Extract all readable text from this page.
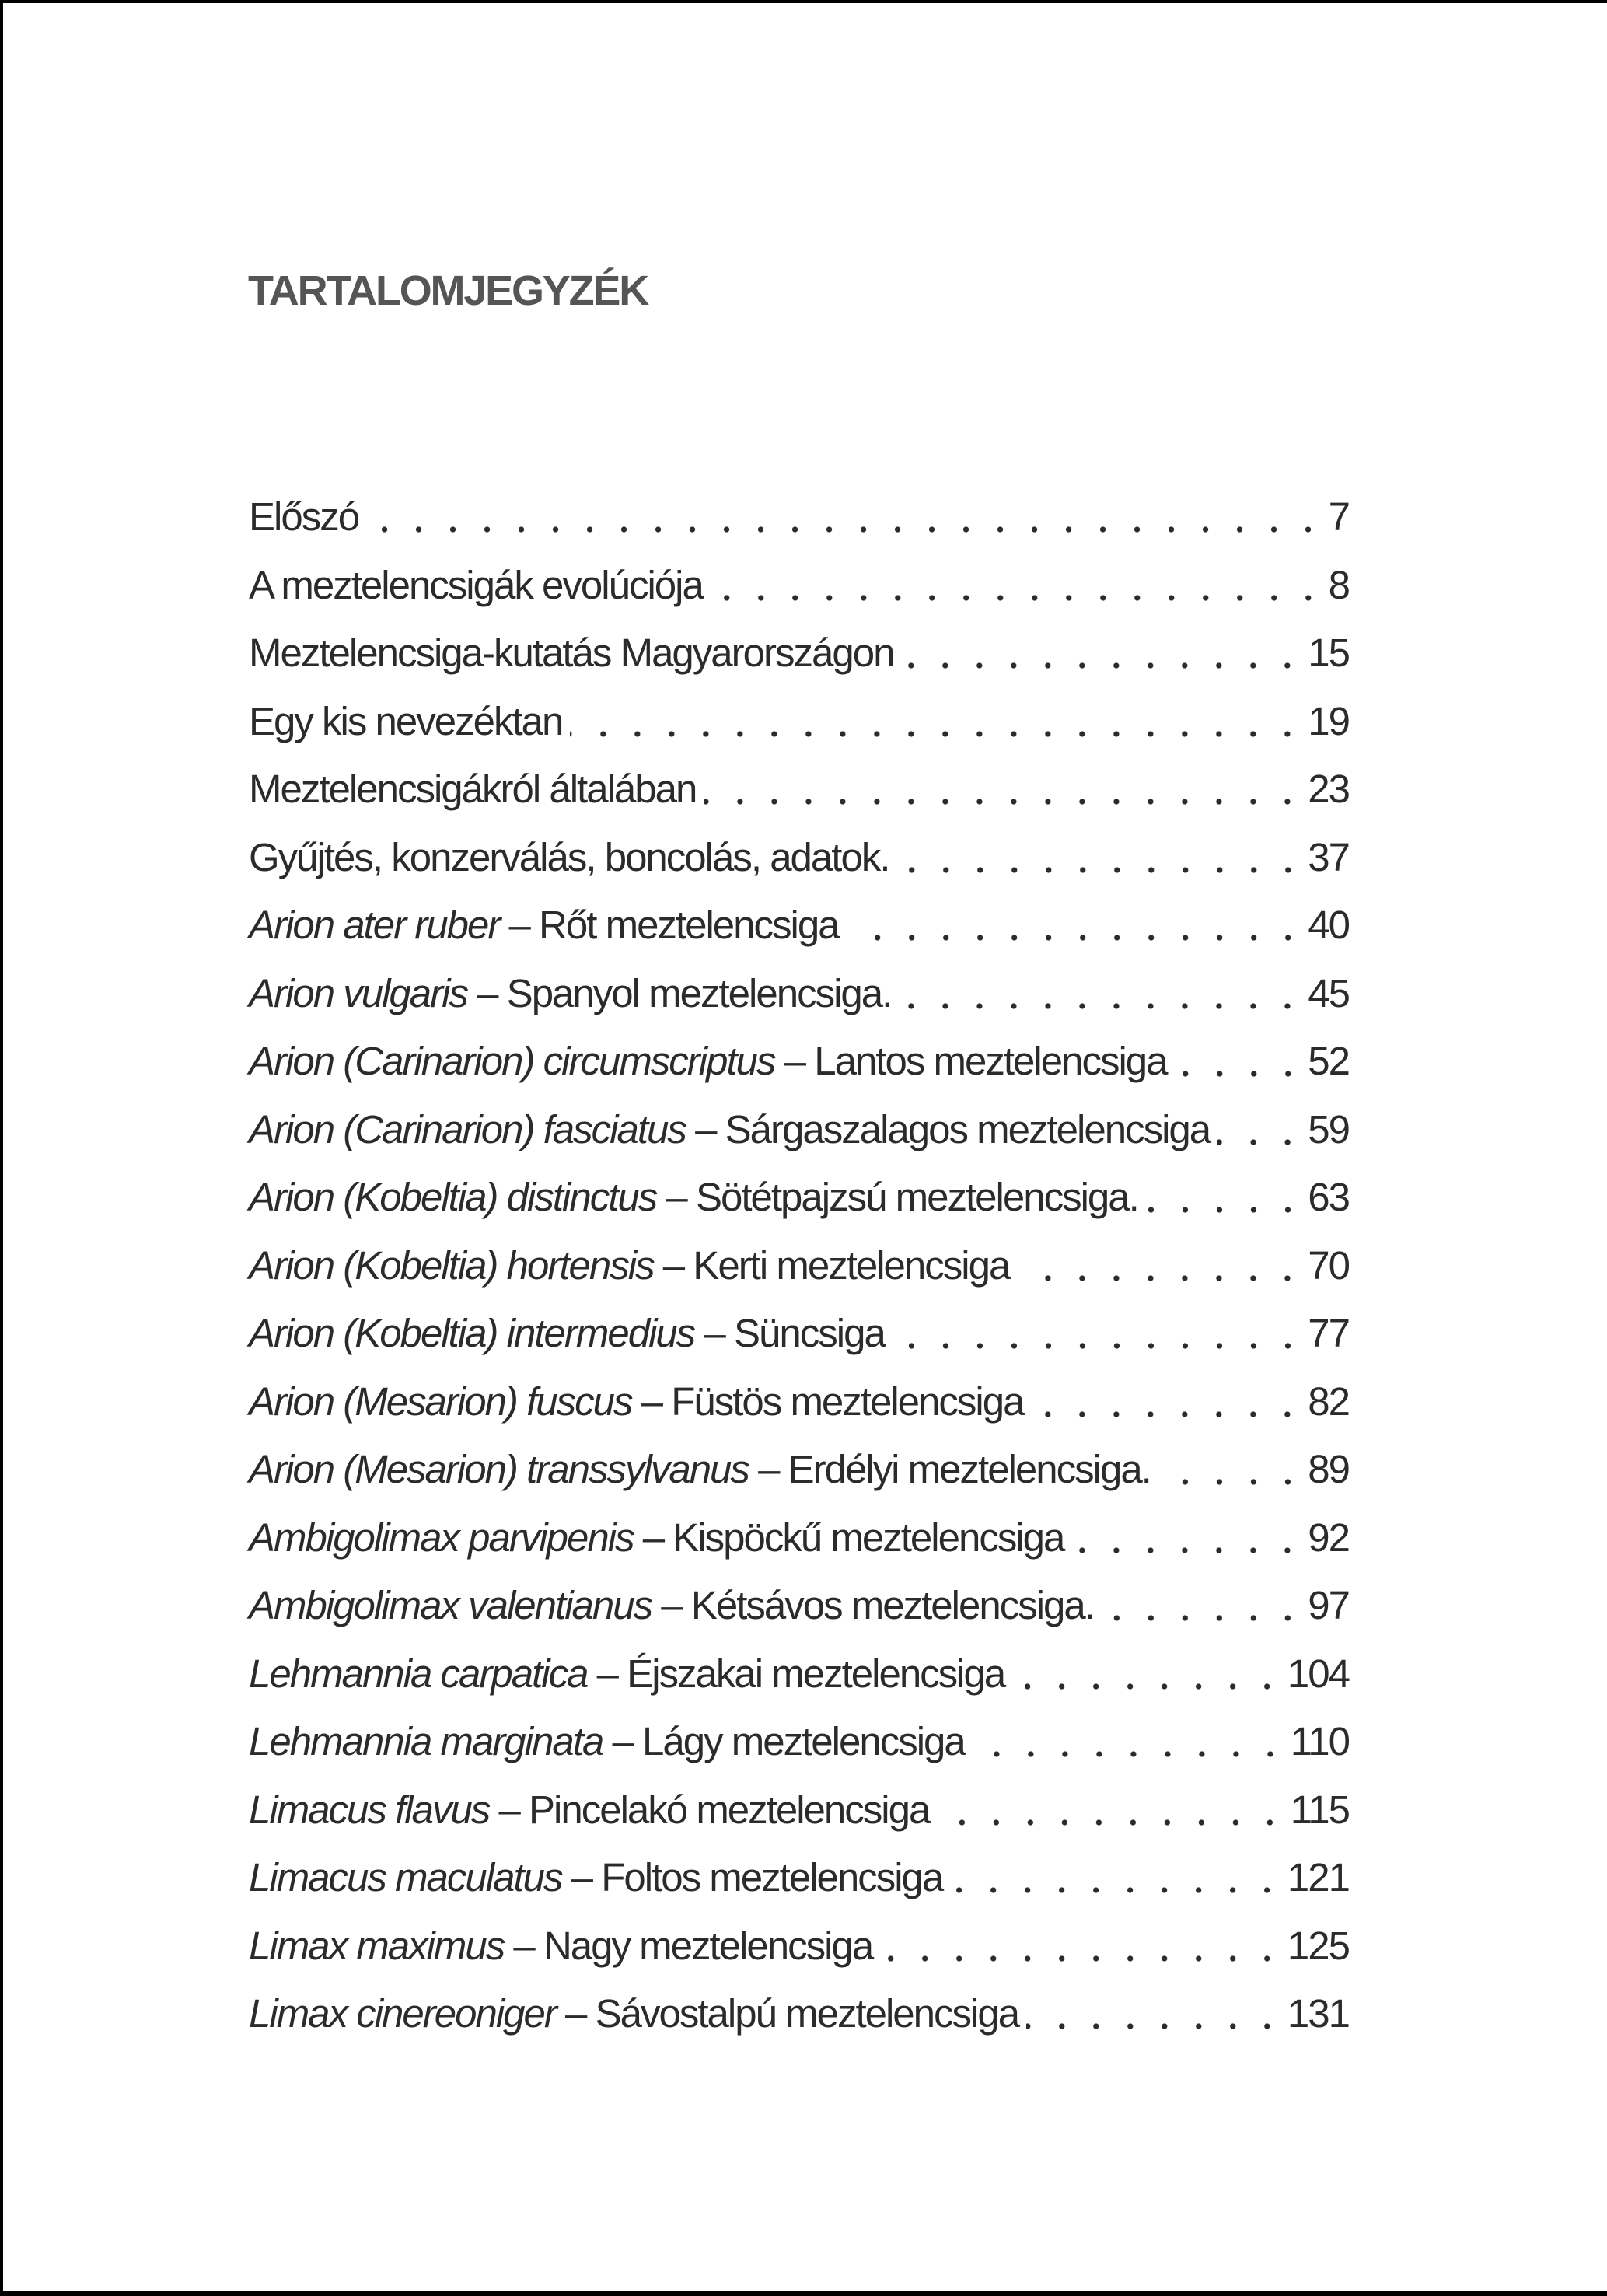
TARTALOMJEGYZÉK
Előszó	7
A meztelencsigák evolúciója	8
Meztelencsiga-kutatás Magyarországon	15
Egy kis nevezéktan	19
Meztelencsigákról általában	23
Gyűjtés, konzerválás, boncolás, adatok.	37
Arion ater ruber – Rőt meztelencsiga	40
Arion vulgaris – Spanyol meztelencsiga.	45
Arion (Carinarion) circumscriptus – Lantos meztelencsiga	52
Arion (Carinarion) fasciatus – Sárgaszalagos meztelencsiga 59
Arion (Kobeltia) distinctus – Sötétpajzsú meztelencsiga.	63
Arion (Kobeltia) hortensis – Kerti meztelencsiga	70
Arion (Kobeltia) intermedius – Süncsiga	77
Arion (Mesarion) fuscus – Füstös meztelencsiga	82
Arion (Mesarion) transsylvanus – Erdélyi meztelencsiga.	89
Ambigolimax parvipenis – Kispöckű meztelencsiga	92
Ambigolimax valentianus – Kétsávos meztelencsiga.	97
Lehmannia carpatica – Éjszakai meztelencsiga	104
Lehmannia marginata – Lágy meztelencsiga	110
Limacus flavus – Pincelakó meztelencsiga	115
Limacus maculatus – Foltos meztelencsiga	121
Limax maximus – Nagy meztelencsiga	125
Limax cinereoniger – Sávostalpú meztelencsiga	131
